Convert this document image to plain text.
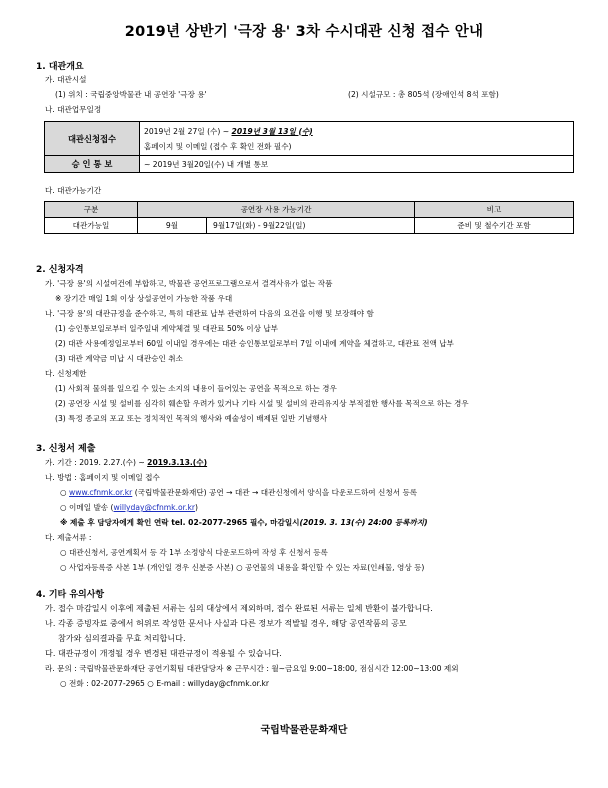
2019년 상반기 '극장 용' 3차 수시대관 신청 접수 안내
1. 대관개요
가. 대관시설
(1) 위치 : 국립중앙박물관 내 공연장 '극장 용'	(2) 시설규모 : 총 805석 (장애인석 8석 포함)
나. 대관업무일정
대관신청접수	2019년 2월 27일 (수) ~ 2019년 3월 13일 (수)
홈페이지 및 이메일 (접수 후 확인 전화 필수)
승 인 통 보	~ 2019년 3월20일(수) 내 개별 통보
다. 대관가능기간
구분	공연장 사용 가능기간		비고
대관가능일	9월	9월17일(화) - 9월22일(일)	준비 및 철수기간 포함
2. 신청자격
가. '극장 용'의 시설여건에 부합하고, 박물관 공연프로그램으로서 결격사유가 없는 작품
※ 장기간 매일 1회 이상 상설공연이 가능한 작품 우대
나. '극장 용'의 대관규정을 준수하고, 특히 대관료 납부 관련하여 다음의 요건을 이행 및 보장해야 함
(1) 승인통보일로부터 일주일내 계약체결 및 대관료 50% 이상 납부
(2) 대관 사용예정일로부터 60일 이내일 경우에는 대관 승인통보일로부터 7일 이내에 계약을 체결하고, 대관료 전액 납부
(3) 대관 계약금 미납 시 대관승인 취소
다. 신청제한
(1) 사회적 물의를 일으킬 수 있는 소지의 내용이 들어있는 공연을 목적으로 하는 경우
(2) 공연장 시설 및 설비를 심각히 훼손할 우려가 있거나 기타 시설 및 설비의 관리유지상 부적절한 행사를 목적으로 하는 경우
(3) 특정 종교의 포교 또는 정치적인 목적의 행사와 예술성이 배제된 일반 기념행사
3. 신청서 제출
가. 기간 : 2019. 2.27.(수) ~ 2019.3.13.(수)
나. 방법 : 홈페이지 및 이메일 접수
○ www.cfnmk.or.kr (국립박물관문화재단) 공연 → 대관 → 대관신청에서 양식을 다운로드하여 신청서 등록
○ 이메일 발송 (willyday@cfnmk.or.kr)
※ 제출 후 담당자에게 확인 연락 tel. 02-2077-2965 필수, 마감일시(2019. 3. 13(수) 24:00 등록까지)
다. 제출서류 :
○ 대관신청서, 공연계획서 등 각 1부 소정양식 다운로드하여 작성 후 신청서 등록
○ 사업자등록증 사본 1부 (개인일 경우 신분증 사본) ○ 공연물의 내용을 확인할 수 있는 자료(인쇄물, 영상 등)
4. 기타 유의사항
가. 접수 마감일시 이후에 제출된 서류는 심의 대상에서 제외하며, 접수 완료된 서류는 일체 반환이 불가합니다.
나. 각종 증빙자료 중에서 허위로 작성한 문서나 사실과 다른 정보가 적발될 경우, 해당 공연작품의 공모
참가와 심의결과를 무효 처리합니다.
다. 대관규정이 개정될 경우 변경된 대관규정이 적용될 수 있습니다.
라. 문의 : 국립박물관문화재단 공연기획팀 대관담당자 ※ 근무시간 : 월~금요일 9:00~18:00, 점심시간 12:00~13:00 제외
○ 전화 : 02-2077-2965 ○ E-mail : willyday@cfnmk.or.kr
국립박물관문화재단
